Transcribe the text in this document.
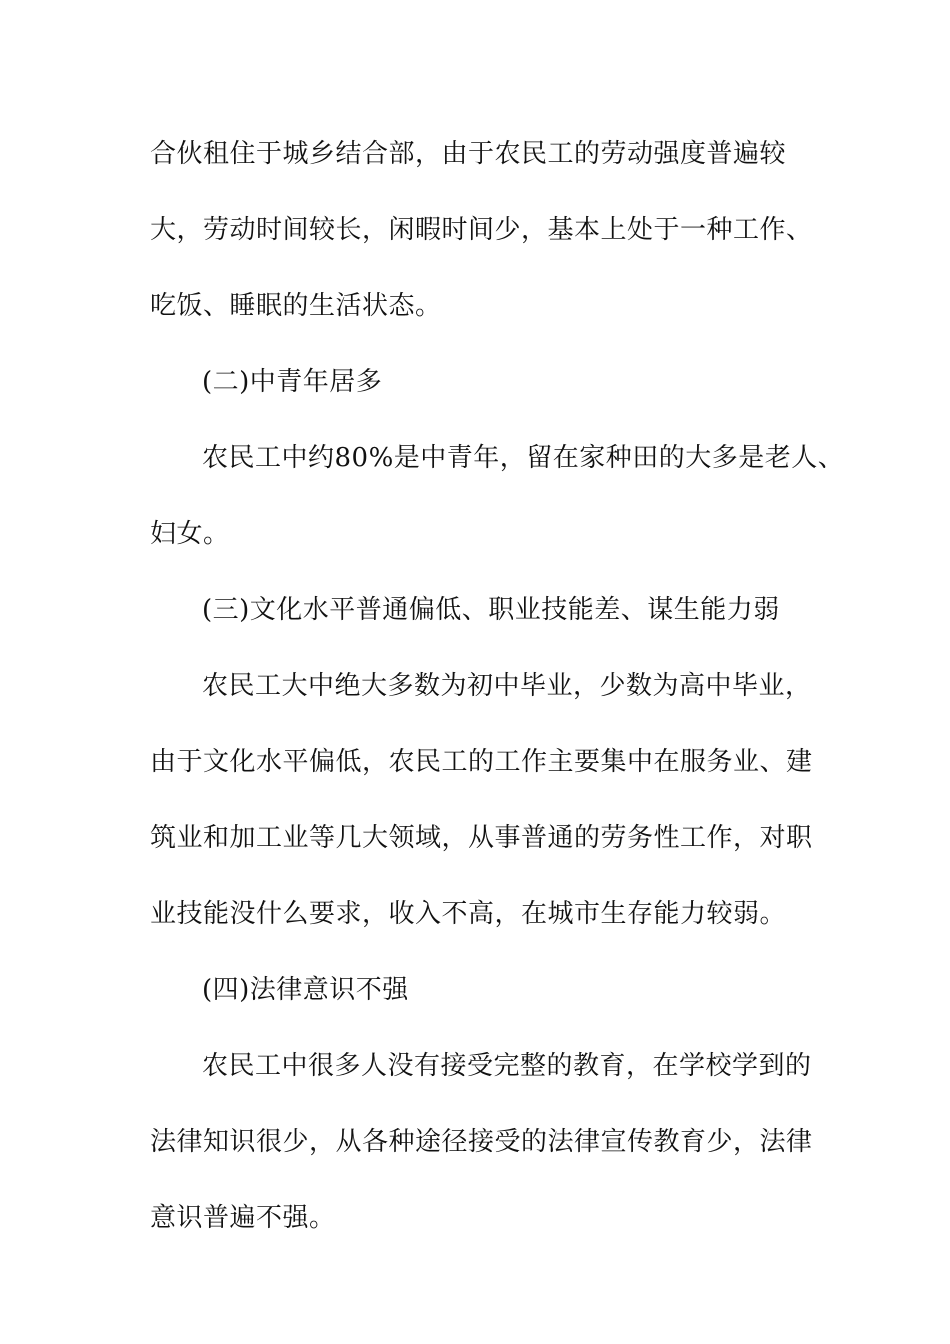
合伙租住于城乡结合部，由于农民工的劳动强度普遍较
大，劳动时间较长，闲暇时间少，基本上处于一种工作、
吃饭、睡眠的生活状态。
(二)中青年居多
农民工中约80%是中青年，留在家种田的大多是老人、
妇女。
(三)文化水平普通偏低、职业技能差、谋生能力弱
农民工大中绝大多数为初中毕业，少数为高中毕业，
由于文化水平偏低，农民工的工作主要集中在服务业、建
筑业和加工业等几大领域，从事普通的劳务性工作，对职
业技能没什么要求，收入不高，在城市生存能力较弱。
(四)法律意识不强
农民工中很多人没有接受完整的教育，在学校学到的
法律知识很少，从各种途径接受的法律宣传教育少，法律
意识普遍不强。
